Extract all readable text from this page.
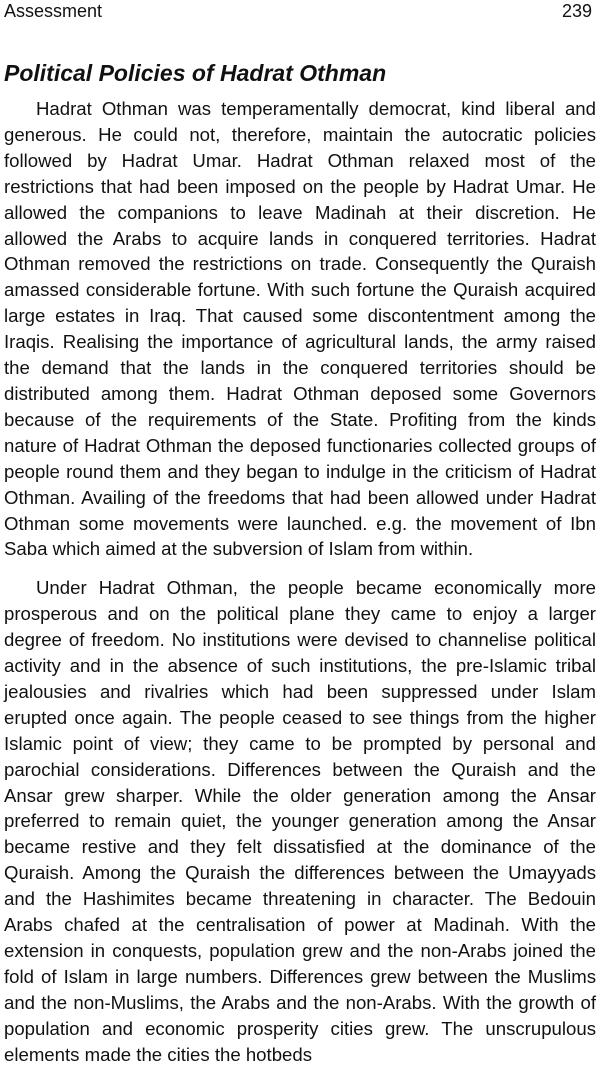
Assessment	239
Political Policies of Hadrat Othman

Hadrat Othman was temperamentally democrat, kind liberal and generous. He could not, therefore, maintain the autocratic policies followed by Hadrat Umar. Hadrat Othman relaxed most of the restrictions that had been imposed on the people by Hadrat Umar. He allowed the companions to leave Madinah at their discretion. He allowed the Arabs to acquire lands in conquered territories. Hadrat Othman removed the restrictions on trade. Consequently the Quraish amassed considerable fortune. With such fortune the Quraish acquired large estates in Iraq. That caused some discontentment among the Iraqis. Realising the importance of agricultural lands, the army raised the demand that the lands in the conquered territories should be distributed among them. Hadrat Othman deposed some Governors because of the requirements of the State. Profiting from the kinds nature of Hadrat Othman the deposed functionaries collected groups of people round them and they began to indulge in the criticism of Hadrat Othman. Availing of the freedoms that had been allowed under Hadrat Othman some movements were launched. e.g. the movement of Ibn Saba which aimed at the subversion of Islam from within.

Under Hadrat Othman, the people became economically more prosperous and on the political plane they came to enjoy a larger degree of freedom. No institutions were devised to channelise political activity and in the absence of such institutions, the pre-Islamic tribal jealousies and rivalries which had been suppressed under Islam erupted once again. The people ceased to see things from the higher Islamic point of view; they came to be prompted by personal and parochial considerations. Differences between the Quraish and the Ansar grew sharper. While the older generation among the Ansar preferred to remain quiet, the younger generation among the Ansar became restive and they felt dissatisfied at the dominance of the Quraish. Among the Quraish the differences between the Umayyads and the Hashimites became threatening in character. The Bedouin Arabs chafed at the centralisation of power at Madinah. With the extension in conquests, population grew and the non-Arabs joined the fold of Islam in large numbers. Differences grew between the Muslims and the non-Muslims, the Arabs and the non-Arabs. With the growth of population and economic prosperity cities grew. The unscrupulous elements made the cities the hotbeds
